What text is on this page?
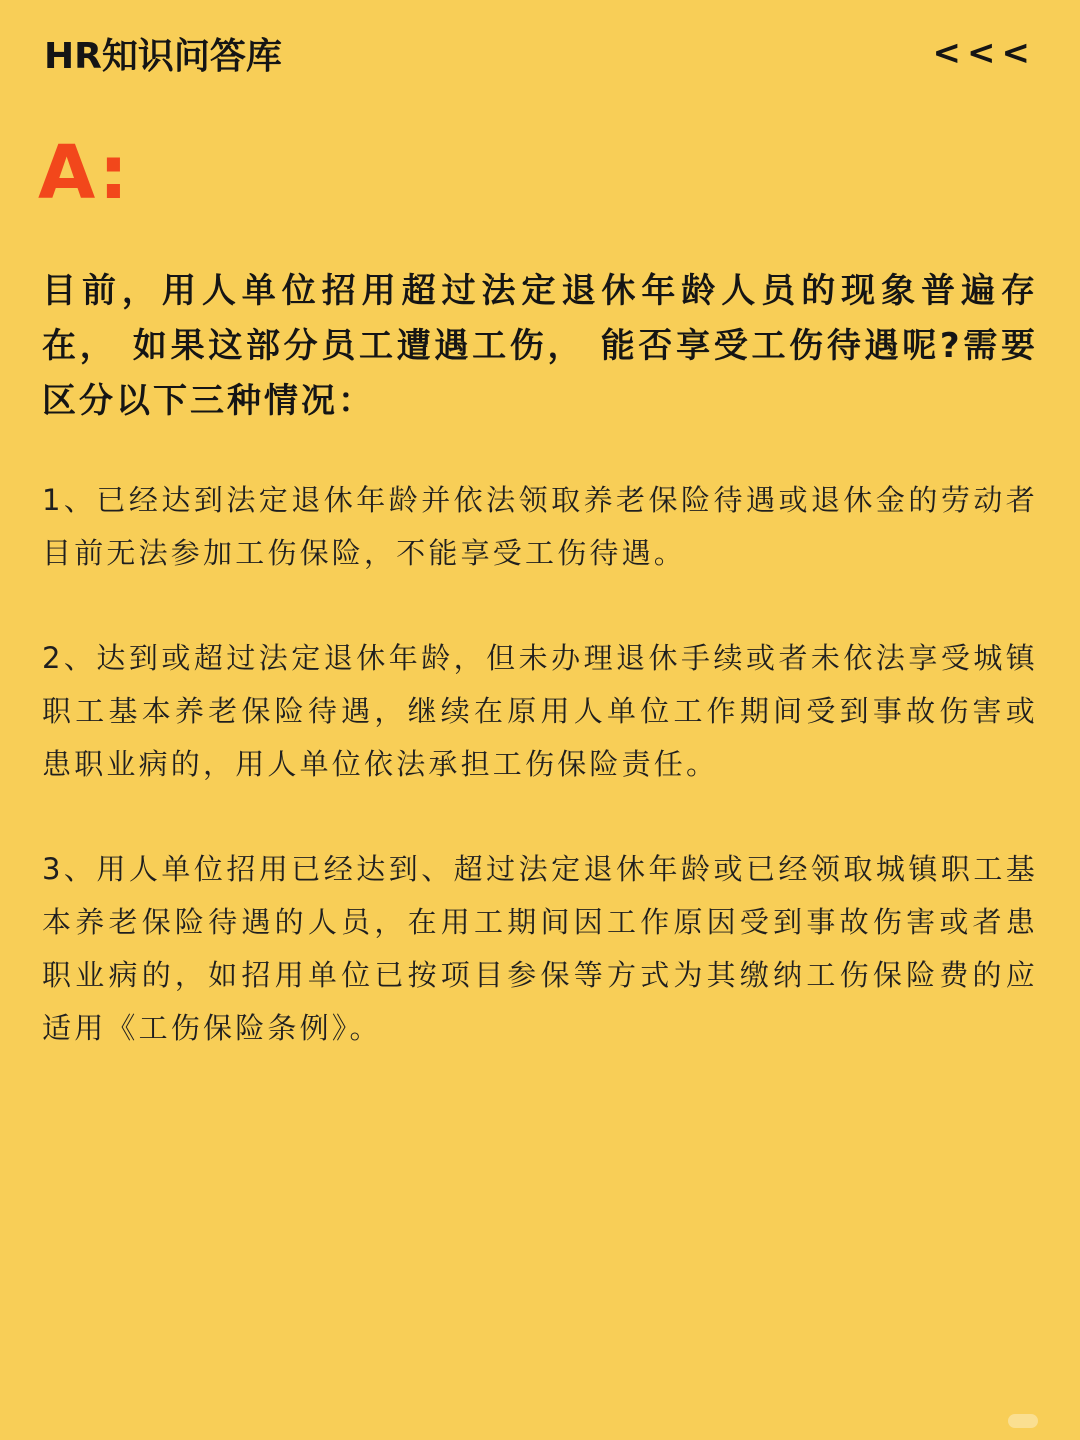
HR知识问答库	<<<
A:

目前，用人单位招用超过法定退休年龄人员的现象普遍存在， 如果这部分员工遭遇工伤， 能否享受工伤待遇呢?需要区分以下三种情况：

1、已经达到法定退休年龄并依法领取养老保险待遇或退休金的劳动者目前无法参加工伤保险，不能享受工伤待遇。

2、达到或超过法定退休年龄，但未办理退休手续或者未依法享受城镇职工基本养老保险待遇，继续在原用人单位工作期间受到事故伤害或患职业病的，用人单位依法承担工伤保险责任。

3、用人单位招用已经达到、超过法定退休年龄或已经领取城镇职工基本养老保险待遇的人员，在用工期间因工作原因受到事故伤害或者患职业病的，如招用单位已按项目参保等方式为其缴纳工伤保险费的应适用《工伤保险条例》。
